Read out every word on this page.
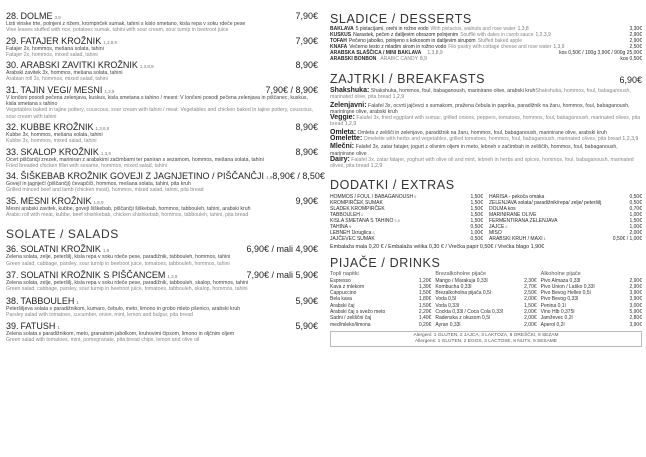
28. DOLME 3,9	7,90€
Listi vinske trte, polnjeni z rižem, krompirček sumak, tahini s kislo smetano, kisla repa v soku rdeče pese
Vine leaves stuffed with rice, potatoes sumak, tahini with sour cream, sour turnip in beetroot juice
29. FATAJER KROŽNIK 1,3,8,9	7,90€
Fatajer 2x, hommos, mešana solata, tahini
Fatajer 2x, hommos, mixed salad, tahini
30. ARABSKI ZAVITKI KROŽNIK 1,3,8,9	8,90€
Arabski zavitek 3x, hommos, mešana solata, tahini
Arabian roll 3x, hommos, mixed salad, tahini
31. TAJIN VEGI/ MESNI 1,3,9	7,90€ / 8,90€
V lončeni posodi pečena zelenjava, kuskus, kisla smetana s tahino / mesni: V lončeni posodi pečena zelenjava in piščanec, kuskus, kisla smetana s tahino
Vegetables baked in tajine pottery, couscous, sour cream with tahini / meat: Vegetables and chicken baked in tajine pottery, couscous, sour cream with tahini
32. KUBBE KROŽNIK 1,3,8,9	8,90€
Kubbe 3x, hommos, mešana solata, tahini
Kubbe 3x, hommos, mixed salad, tahini
33. SKALOP KROŽNIK 1,3,8	8,90€
Ocvrt piščančji zrezek, mariniran z arabskimi začimbami ter paniran s sezamom, hommos, mešana solata, tahini
Fried breaded chicken fillet with sesame, hommos, mixed salad, tahini
34. ŠIŠKEBAB KROŽNIK GOVEJI Z JAGNJETINO / PIŠČANČJI 1,9 8,90€ / 8,50€
Govejí in jagnječí (piščančji) čevapčiči, hommos, mešana solata, tahini, pita kruh
Grilled minced beef and lamb (chicken meat), hommos, mixed salad, tahini, pita bread
35. MESNI KROŽNIK 1,8,9	9,90€
Mesni arabski zavitek, kubbe, goveji šiškebab, piščančji šiškebab, hommos, tabbouleh, tahini, arabski kruh
Arabic roll with meat, kubbe, beef shishkebab, chicken shishkebab, hommos, tabbouleh, tahini, pita bread
SOLATE / SALADS
36. SOLATNI KROŽNIK 1,9	6,90€ / mali 4,90€
Zelena solata, zelje, peteršilj, kisla repa v soku rdeče pese, paradižnik, tabbouleh, hommos, tahini
Green salad, cabbage, parsley, sour turnip in beetroot juice, tomatoes, tabbouleh, hommos, tahini
37. SOLATNI KROŽNIK S PIŠČANCEM 1,3,9	7,90€ / mali 5,90€
Zelena solata, zelje, peteršilj, kisla repa v soku rdeče pese, paradižnik, tabbouleh, skalop, hommos, tahini
Green salad, cabbage, parsley, sour turnip in beetroot juice, tomatoes, tabbouleh, skalop, hommos, tahini
38. TABBOULEH 1	5,90€
Peteršiljeva solata s paradižnikom, kumaro, čebulo, meto, limono in grobo mleto pšenico, arabski kruh
Parsley salad with tomatoes, cucumber, onion, mint, lemon and bulgur, pita bread
39. FATUSH 1	5,90€
Zelena solata s paradižnikom, meto, granatnim jabolkom, kruhovimi čipsom, limono in oljčnim oljem
Green salad with tomatoes, mint, pomegranate, pita bread chips, lemon and olive oil
SLADICE / DESSERTS
BAKLAVA 5 pistacijami, orehi in rožno vodo With pistacios, walnuts and rose water 1,3,8	3,30€
KUSKUS Narastek, pečen z datljevim obrazom polnjenim Soufflé with dates in carob sauce 1,2,3,9	2,90€
TOFAH Pečeno jabolko, polnjeno s kokosom in datljevim sirupom Stuffed baked apple	2,90€
KNAFA Večerno testo z mladim sirom in rožno vodo Filo pastry with cottage cheese and rose water 1,3,9	2,50€
ARABSKA SLAŠČICA / MINI BAKLAVA 1,3,8,9	kos 0,50€ / 100g 3,90€ / 900g 25,00€
ARABSKI BONBON ARABIC CANDY 8,9	kos 0,50€
ZAJTRKI / BREAKFASTS	6,90€
Shakshuka: Shakshuka, hommos, foul, babaganoush, marinirane olive, arabski kruhShakshuka, hommos, foul, babaganoush, marinated olive, pita bread 1,2,9
Zelenjavni: Falafel 3x, ocvrti jajčevci s sumakom, pražena čebula in paprika, paradižnik na žaru, hommos, foul, babaganoush, marinirane olive, arabski kruh
Veggie: Falafel 3x, fried eggplant with sumac, grilled onions, peppers, tomatoes, hommos, foul, babaganoush, marinated olives, pita bread 1,2,9
Omleta: Omleta z zelišči in zelenjavo, paradižnik na žaru, hommos, foul, babaganoush, marinirane olive, arabski kruh
Omelette: Omelette with herbs and vegetables, grilled tomatoes, hommos, foul, babaganoush, marinated olives, pita bread 1,2,3,9
Mlečni: Falafel 3x, zatar fatajer, jogurt z olivnim oljem in meto, lebneh v začimbah in zeliščih, hommos, foul, babaganoush, marinirane olive
Dairy: Falafel 3x, zatar fatajer, yoghurt with olive oil and mint, lebneh in herbs and spices, hommos, foul, babaganoush, marinated olives, pita bread 1,2,9
DODATKI / EXTRAS
HOMMOS / FOUL / BABAGANOUSH9	1,50€
KROMPIRČEK SUMAK	1,50€
SLADEK KROMPIRČEK	1,50€
TABBOULEH1	1,50€
KISLA SMETANA S TAHINO3,9	1,50€
TAHINA9	0,50€
LEBNEH 1kruglica3	1,00€
JAJČEVEC SUMAK	0,50€
HARISA - pekoča omaka	0,50€
ZELENJAVA solata/ paradižnik/repa/ zelje/ peteršilj	0,50€
DOLMA kos	0,70€
MARINIRANE OLIVE	1,00€
FERMENTIRANA ZELENJAVA	1,50€
JAJCE2	1,00€
MISO	2,00€
ARABSKI KRUH / MAXI1	0,50€ / 1,00€
Embalaža mala 0,20 € / Embalaža velika 0,30 € / Vrečka papir 0,50€ / Vrečka blago 1,90€
PIJAČE / DRINKS
Topli napitki
Espresso	1,20€
Kava z mlekom	1,30€
Cappuccino	1,50€
Bela kava	1,80€
Arabski čaj	1,50€
Arabski čaj s svežo meto	2,20€
Sadni / zeliščni čaj	1,40€
med/mleko/limona	0,20€
Brezalkoholne pijače
Mango / Marakuja 0,33l	2,30€
Kombucha 0,33l	2,70€
Brezalkoholna pijača 0,5l	2,50€
Voda 0,5l	2,00€
Voda 0,33l	1,50€
Cockta 0,33l / Coca Cola 0,33l	2,00€
Radenska z okusom 0,5l	2,00€
Ayran 0,33l	2,00€
Alkoholne pijače
Pivo Almaza 0,33l	2,90€
Pivo Union / Laško 0,33l	2,90€
Pivo Bevog Helles 0,5l	3,90€
Pivo Bevog 0,33l	3,90€
Penina 0,1l	3,00€
Vino Hlb 0,375l	5,90€
Jamževec 0,2l	2,80€
Aperol 0,2l	3,90€
Alergeni: 1 GLUTEN, 2 JAJCA, 3 LAKTOZA, 8 OREŠČKI, 9 SEZAM
Allergens: 1 GLUTEN, 2 EGGS, 3 LACTOSE, 8 NUTS, 9 SESAME
